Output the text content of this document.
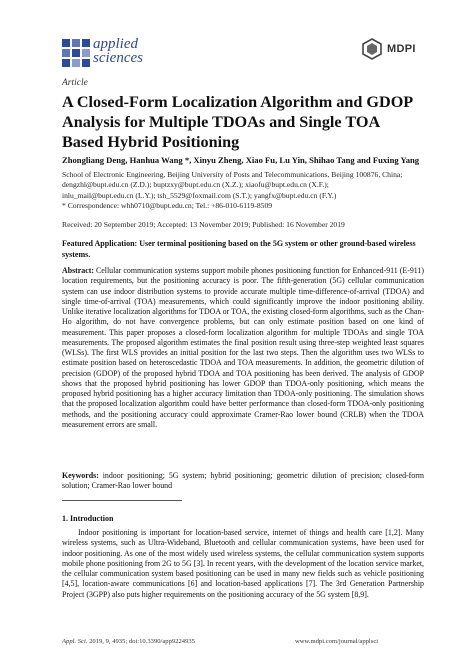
applied
sciences
MDPI
Article
A Closed-Form Localization Algorithm and GDOP Analysis for Multiple TDOAs and Single TOA Based Hybrid Positioning
Zhongliang Deng, Hanhua Wang *, Xinyu Zheng, Xiao Fu, Lu Yin, Shihao Tang and Fuxing Yang
School of Electronic Engineering, Beijing University of Posts and Telecommunications, Beijing 100876, China;
dengzhl@bupt.edu.cn (Z.D.); buptzxy@bupt.edu.cn (X.Z.); xiaofu@bupt.edu.cn (X.F.);
inlu_mail@bupt.edu.cn (L.Y.); tsh_5529@foxmail.com (S.T.); yangfx@bupt.edu.cn (F.Y.)
* Correspondence: whh0710@bupt.edu.cn; Tel.: +86-010-6119-8509
Received: 20 September 2019; Accepted: 13 November 2019; Published: 16 November 2019
Featured Application: User terminal positioning based on the 5G system or other ground-based wireless systems.
Abstract: Cellular communication systems support mobile phones positioning function for Enhanced-911 (E-911) location requirements, but the positioning accuracy is poor. The fifth-generation (5G) cellular communication system can use indoor distribution systems to provide accurate multiple time-difference-of-arrival (TDOA) and single time-of-arrival (TOA) measurements, which could significantly improve the indoor positioning ability. Unlike iterative localization algorithms for TDOA or TOA, the existing closed-form algorithms, such as the Chan-Ho algorithm, do not have convergence problems, but can only estimate position based on one kind of measurement. This paper proposes a closed-form localization algorithm for multiple TDOAs and single TOA measurements. The proposed algorithm estimates the final position result using three-step weighted least squares (WLSs). The first WLS provides an initial position for the last two steps. Then the algorithm uses two WLSs to estimate position based on heteroscedastic TDOA and TOA measurements. In addition, the geometric dilution of precision (GDOP) of the proposed hybrid TDOA and TOA positioning has been derived. The analysis of GDOP shows that the proposed hybrid positioning has lower GDOP than TDOA-only positioning, which means the proposed hybrid positioning has a higher accuracy limitation than TDOA-only positioning. The simulation shows that the proposed localization algorithm could have better performance than closed-form TDOA-only positioning methods, and the positioning accuracy could approximate Cramer-Rao lower bound (CRLB) when the TDOA measurement errors are small.
Keywords: indoor positioning; 5G system; hybrid positioning; geometric dilution of precision; closed-form solution; Cramer-Rao lower bound
1. Introduction
Indoor positioning is important for location-based service, internet of things and health care [1,2]. Many wireless systems, such as Ultra-Wideband, Bluetooth and cellular communication systems, have been used for indoor positioning. As one of the most widely used wireless systems, the cellular communication system supports mobile phone positioning from 2G to 5G [3]. In recent years, with the development of the location service market, the cellular communication system based positioning can be used in many new fields such as vehicle positioning [4,5], location-aware communications [6] and location-based applications [7]. The 3rd Generation Partnership Project (3GPP) also puts higher requirements on the positioning accuracy of the 5G system [8,9].
Appl. Sci. 2019, 9, 4935; doi:10.3390/app9224935	www.mdpi.com/journal/applsci
